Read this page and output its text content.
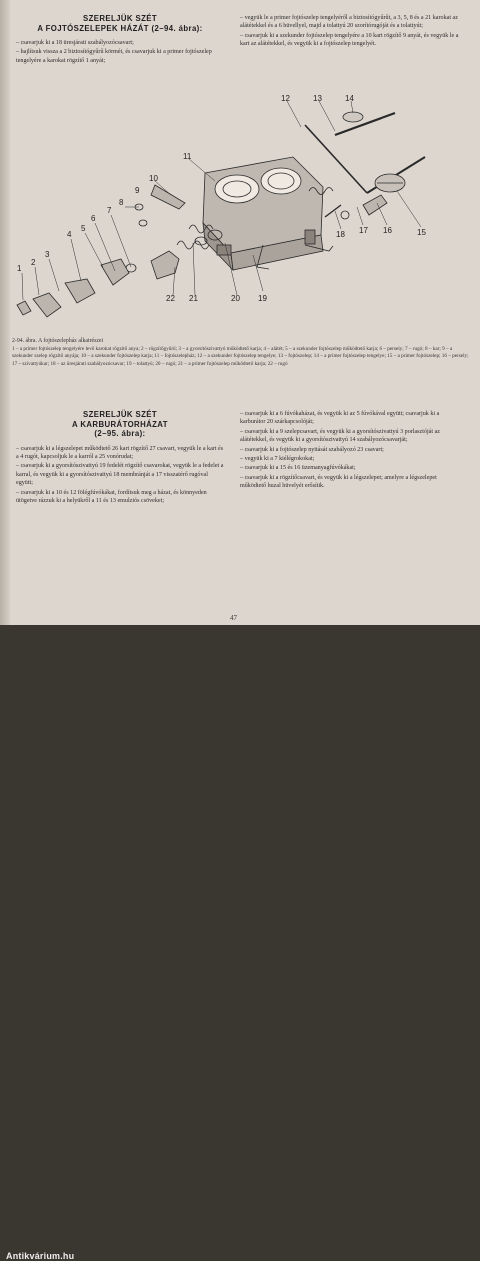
SZERELJÜK SZÉT
A FOJTÓSZELEPEK HÁZÁT (2–94. ábra):

– csavarjuk ki a 18 üresjárati szabályozócsavart;

– hajlítsuk vissza a 2 biztosítógyűrű körmét, és csavarjuk ki a primer fojtószelep tengelyére a karokat rögzítő 1 anyát;

– vegyük le a primer fojtószelep tengelyéről a biztosítógyűrűt, a 3, 5, 8 és a 21 karokat az alátétekkel és a 6 hüvellyel, majd a tolattyú 20 szorítórugóját és a tolattyút;

– csavarjuk ki a szekunder fojtószelep tengelyére a 10 kart rögzítő 9 anyát, és vegyük le a kart az alátétekkel, és vegyük ki a fojtószelep tengelyét.

1
2
3
4
5
6
7
8
9
10
11
12	13	14
15
16
17
18
19
20
21
22
2-94. ábra. A fojtószelepház alkatrészei
1 – a primer fojtószelep tengelyére levő karokat rögzítő anya; 2 – rögzítőgyűrű; 3 – a gyorsítószivattyú működtető karja; 4 – alátét; 5 – a szekunder fojtószelep működtető karja; 6 – persely; 7 – rugó; 8 – kar; 9 – a szekunder szelep rögzítő anyája; 10 – a szekunder fojtószelep karja; 11 – fojtószelepház; 12 – a szekunder fojtószelep tengelye; 13 – fojtószelep; 14 – a primer fojtószelep tengelye; 15 – a primer fojtószelep; 16 – persely; 17 – szivattyúkar; 18 – az üresjárati szabályozócsavar; 19 – tolattyú; 20 – rugó; 21 – a primer fojtószelep működtető karja; 22 – rugó
SZERELJÜK SZÉT
A KARBURÁTORHÁZAT
(2–95. ábra):

– csavarjuk ki a légszelepet működtető 26 kart rögzítő 27 csavart, vegyük le a kart és a 4 rugót, kapcsoljuk le a karról a 25 vonórudat;

– csavarjuk ki a gyorsítószivattyú 19 fedelét rögzítő csavarokat, vegyük le a fedelet a karral, és vegyük ki a gyorsítószivattyú 18 membránját a 17 visszatérő rugóval együtt;

– csavarjuk ki a 10 és 12 fölégfúvókákat, fordítsuk meg a házat, és könnyeden ütögetve rázzuk ki a helyükről a 11 és 13 emulziós csöveket;

– csavarjuk ki a 6 fúvókaházat, és vegyük ki az 5 fúvókával együtt; csavarjuk ki a karburátor 20 szárkapcsolóját;

– csavarjuk ki a 9 szelepcsavart, és vegyük ki a gyorsítószivattyú 3 porlasztóját az alátétekkel, és vegyük ki a gyorsítószivattyú 14 szabályozócsavarját;

– csavarjuk ki a fojtószelep nyitását szabályozó 23 csavart;

– vegyük ki a 7 kiélégrokokat;

– csavarjuk ki a 15 és 16 üzemanyagfúvókákat;

– csavarjuk ki a rögzítőcsavart, és vegyük ki a légszelepet; amelyre a légszelepet működtető huzal hüvelyét erősítik.

47
Antikvárium.hu
